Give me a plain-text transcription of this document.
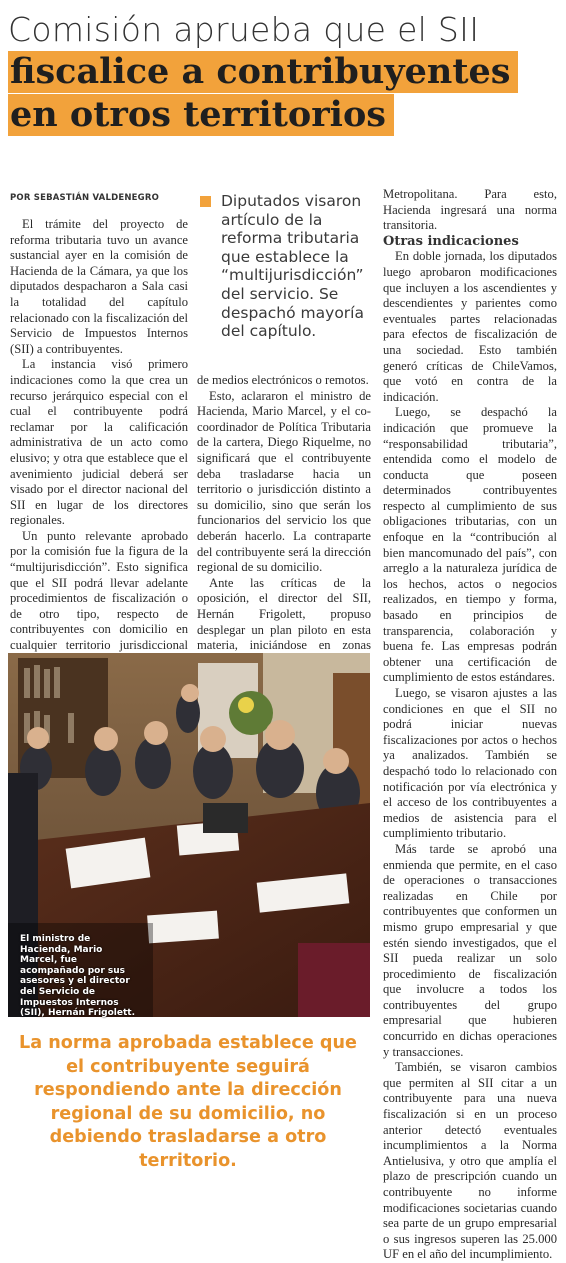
Comisión aprueba que el SII
fiscalice a contribuyentes
en otros territorios
POR SEBASTIÁN VALDENEGRO

El trámite del proyecto de reforma tributaria tuvo un avance sustancial ayer en la comisión de Hacienda de la Cámara, ya que los diputados despacharon a Sala casi la totalidad del capítulo relacionado con la fiscalización del Servicio de Impuestos Internos (SII) a contribuyentes.

La instancia visó primero indicaciones como la que crea un recurso jerárquico especial con el cual el contribuyente podrá reclamar por la calificación administrativa de un acto como elusivo; y otra que establece que el avenimiento judicial deberá ser visado por el director nacional del SII en lugar de los directores regionales.

Un punto relevante aprobado por la comisión fue la figura de la “multijurisdicción”. Esto significa que el SII podrá llevar adelante procedimientos de fiscalización o de otro tipo, respecto de contribuyentes con domicilio en cualquier territorio jurisdiccional

Diputados visaron artículo de la reforma tributaria que establece la “multijurisdicción” del servicio. Se despachó mayoría del capítulo.

de medios electrónicos o remotos.

Esto, aclararon el ministro de Hacienda, Mario Marcel, y el co-coordinador de Política Tributaria de la cartera, Diego Riquelme, no significará que el contribuyente deba trasladarse hacia un territorio o jurisdicción distinto a su domicilio, sino que serán los funcionarios del servicio los que deberán hacerlo. La contraparte del contribuyente será la dirección regional de su domicilio.

Ante las críticas de la oposición, el director del SII, Hernán Frigolett, propuso desplegar un plan piloto en esta materia, iniciándose en zonas

Metropolitana. Para esto, Hacienda ingresará una norma transitoria.

Otras indicaciones

En doble jornada, los diputados luego aprobaron modificaciones que incluyen a los ascendientes y descendientes y parientes como eventuales partes relacionadas para efectos de fiscalización de una sociedad. Esto también generó críticas de ChileVamos, que votó en contra de la indicación.

Luego, se despachó la indicación que promueve la “responsabilidad tributaria”, entendida como el modelo de conducta que poseen determinados contribuyentes respecto al cumplimiento de sus obligaciones tributarias, con un enfoque en la “contribución al bien mancomunado del país”, con arreglo a la naturaleza jurídica de los hechos, actos o negocios realizados, en tiempo y forma, basado en principios de transparencia, colaboración y buena fe. Las empresas podrán obtener una certificación de cumplimiento de estos estándares.

Luego, se visaron ajustes a las condiciones en que el SII no podrá iniciar nuevas fiscalizaciones por actos o hechos ya analizados. También se despachó todo lo relacionado con notificación por vía electrónica y el acceso de los contribuyentes a medios de asistencia para el cumplimiento tributario.

Más tarde se aprobó una enmienda que permite, en el caso de operaciones o transacciones realizadas en Chile por contribuyentes que conformen un mismo grupo empresarial y que estén siendo investigados, que el SII pueda realizar un solo procedimiento de fiscalización que involucre a todos los contribuyentes del grupo empresarial que hubieren concurrido en dichas operaciones y transacciones.

También, se visaron cambios que permiten al SII citar a un contribuyente para una nueva fiscalización si en un proceso anterior detectó eventuales incumplimientos a la Norma Antielusiva, y otro que amplía el plazo de prescripción cuando un contribuyente no informe modificaciones societarias cuando sea parte de un grupo empresarial o sus ingresos superen las 25.000 UF en el año del incumplimiento.

El ministro de Hacienda, Mario Marcel, fue acompañado por sus asesores y el director del Servicio de Impuestos Internos (SII), Hernán Frigolett.
La norma aprobada establece que el contribuyente seguirá respondiendo ante la dirección regional de su domicilio, no debiendo trasladarse a otro territorio.
